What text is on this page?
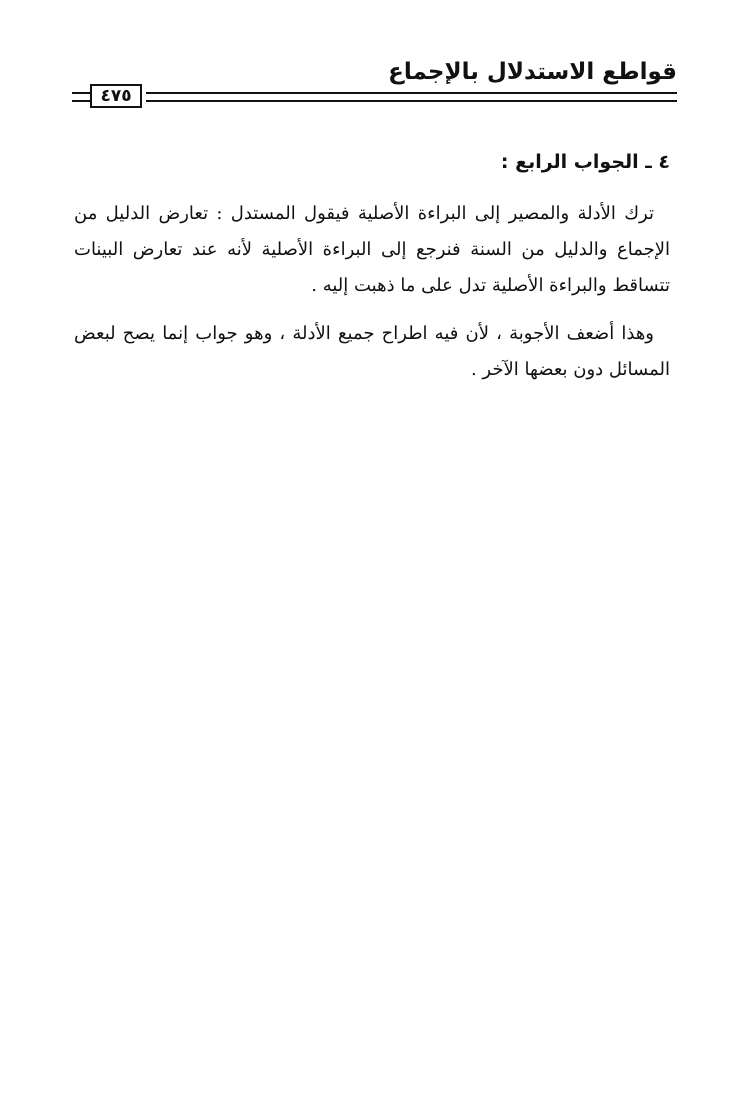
قواطع الاستدلال بالإجماع
٤٧٥
٤ ـ الجواب الرابع :

ترك الأدلة والمصير إلى البراءة الأصلية فيقول المستدل : تعارض الدليل من الإجماع والدليل من السنة فنرجع إلى البراءة الأصلية لأنه عند تعارض البينات تتساقط والبراءة الأصلية تدل على ما ذهبت إليه .

وهذا أضعف الأجوبة ، لأن فيه اطراح جميع الأدلة ، وهو جواب إنما يصح لبعض المسائل دون بعضها الآخر .
